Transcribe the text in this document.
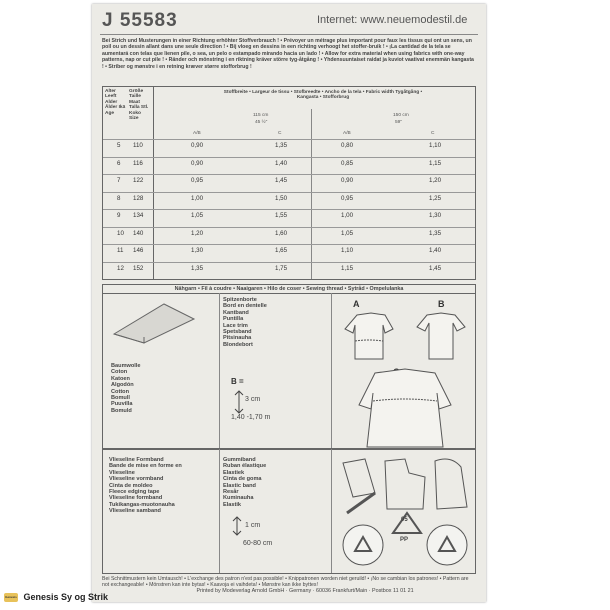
J 55583	Internet: www.neuemodestil.de
Bei Strich und Musterungen in einer Richtung erhöhter Stoffverbrauch ! • Prévoyer un métrage plus important pour faux les tissus qui ont un sens, un poil ou un dessin allant dans une seule direction ! • Bij vloeg en dessins in een richting verhoogt het stoffer-bruik ! • ¡La cantidad de la tela se aumentará con telas que lienen pile, o sea, un pelo o estampado mirando hacia un lado ! • Allow for extra material when using fabrics with one-way patterns, nap or cut pile ! • Ränder och mönstring i en riktning kräver större tyg-åtgång ! • Yhdensuuntaiset raidat ja kuviot vaativat enemmän kangasta ! • Striber og mønstre i en retning kræver større stofforbrug !
Alter Leeft Alder Ålder Ikä Age
Größe Taille Maat Talla Stl. Koko Size
Stoffbreite • Largeur de tissu • Stofbreedte • Ancho de la tela • Fabric width Tygåtgång • Kangasta • Stofforbrug
115 cm
45 ½"
150 cm
59"
A/B	C	A/B	C
5 110	0,90	1,35	0,80	1,10
6 116	0,90	1,40	0,85	1,15
7 122	0,95	1,45	0,90	1,20
8 128	1,00	1,50	0,95	1,25
9 134	1,05	1,55	1,00	1,30
10 140	1,20	1,60	1,05	1,35
11 146	1,30	1,65	1,10	1,40
12 152	1,35	1,75	1,15	1,45
Nähgarn • Fil à coudre • Naaigaren • Hilo de coser • Sewing thread • Sytråd • Ompelulanka
Baumwolle
Coton
Katoen
Algodón
Cotton
Bomull
Puuvilla
Bomuld
Spitzenborte
Bord en dentelle
Kantband
Puntilla
Lace trim
Spetsband
Pitsinauha
Blondebort
B =
3 cm
1,40 -1,70 m
A	B
Vlieseline Formband
Bande de mise en forme en
Vlieseline
Vlieseline vormband
Cinta de moldeo
Fleece edging tape
Vlieseline formband
Tukikangas-muotonauha
Vlieseline samband
Gummiband
Ruban élastique
Elastiek
Cinta de goma
Elastic band
Resår
Kuminauha
Elastik
1 cm
60-80 cm
05
PP
Bei Schnittmustern kein Umtausch! • L'exchange des patron n'est pas possible! • Knippatronen worden niet geruild! • ¡No se cambian los patrones! • Pattern are not exchangeable! • Mönstren kan inte bytas! • Kaavoja ei vaihdeta! • Mønstre kan ikke byttes!
Printed by Modeverlag Arnold GmbH · Germany · 60036 Frankfurt/Main · Postbox 11 01 21
Genesis Genesis Sy og Strik
